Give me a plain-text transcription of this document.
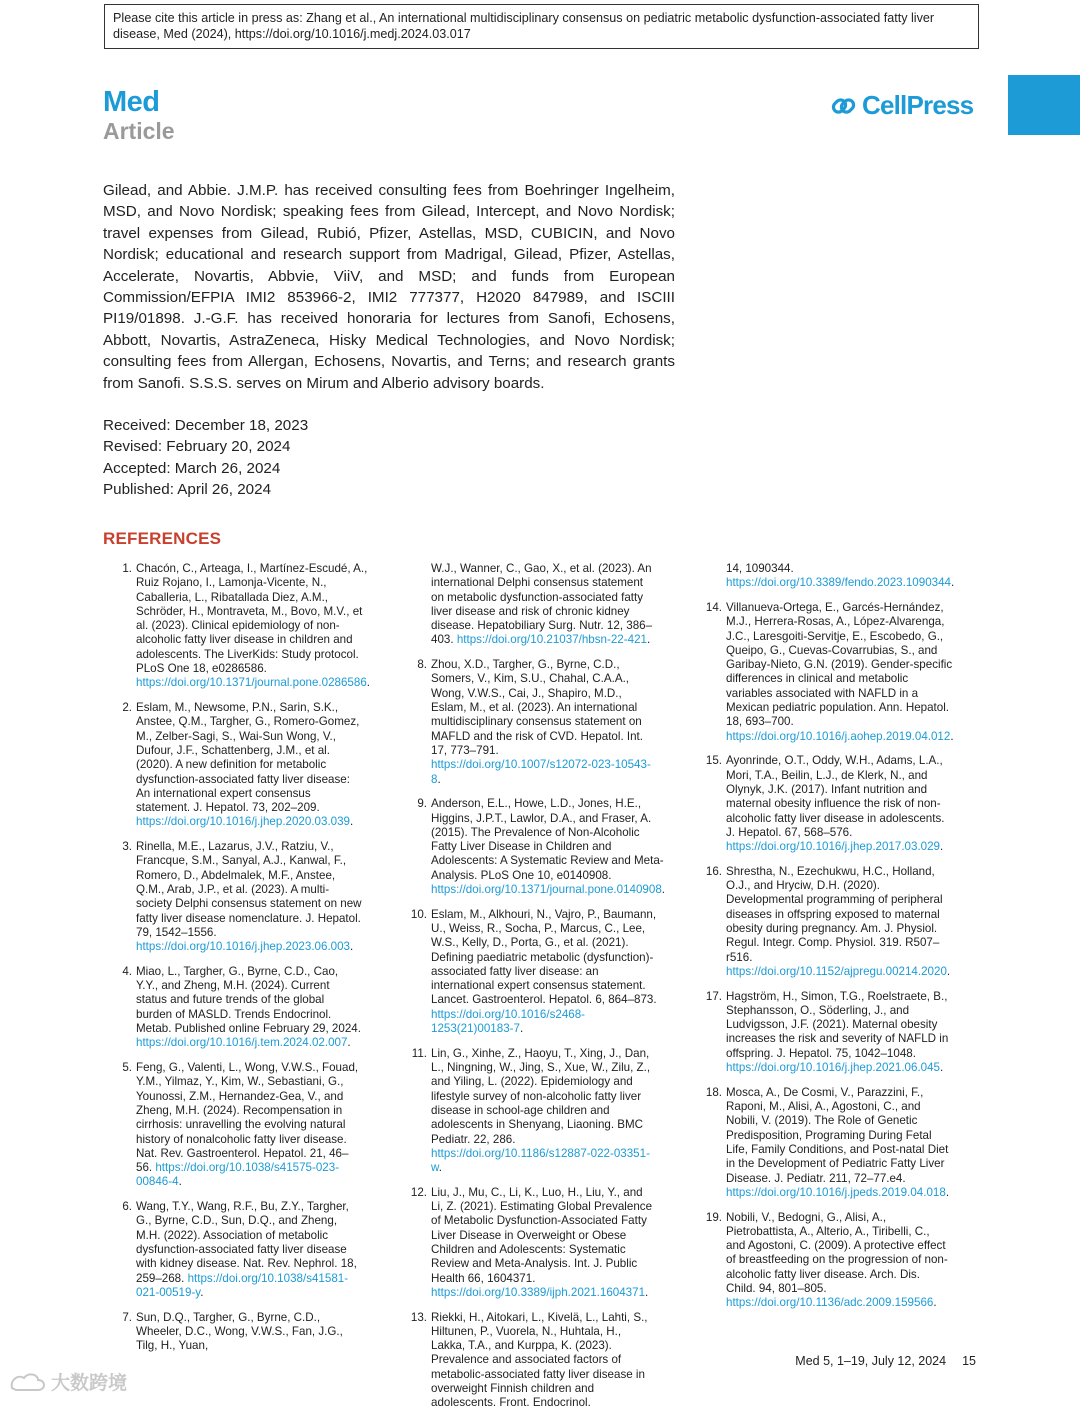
Please cite this article in press as: Zhang et al., An international multidisciplinary consensus on pediatric metabolic dysfunction-associated fatty liver disease, Med (2024), https://doi.org/10.1016/j.medj.2024.03.017
Med
Article
CellPress
Gilead, and Abbie. J.M.P. has received consulting fees from Boehringer Ingelheim, MSD, and Novo Nordisk; speaking fees from Gilead, Intercept, and Novo Nordisk; travel expenses from Gilead, Rubió, Pfizer, Astellas, MSD, CUBICIN, and Novo Nordisk; educational and research support from Madrigal, Gilead, Pfizer, Astellas, Accelerate, Novartis, Abbvie, ViiV, and MSD; and funds from European Commission/EFPIA IMI2 853966-2, IMI2 777377, H2020 847989, and ISCIII PI19/01898. J.-G.F. has received honoraria for lectures from Sanofi, Echosens, Abbott, Novartis, AstraZeneca, Hisky Medical Technologies, and Novo Nordisk; consulting fees from Allergan, Echosens, Novartis, and Terns; and research grants from Sanofi. S.S.S. serves on Mirum and Alberio advisory boards.
Received: December 18, 2023
Revised: February 20, 2024
Accepted: March 26, 2024
Published: April 26, 2024
REFERENCES
1. Chacón, C., Arteaga, I., Martínez-Escudé, A., Ruiz Rojano, I., Lamonja-Vicente, N., Caballeria, L., Ribatallada Diez, A.M., Schröder, H., Montraveta, M., Bovo, M.V., et al. (2023). Clinical epidemiology of non-alcoholic fatty liver disease in children and adolescents. The LiverKids: Study protocol. PLoS One 18, e0286586. https://doi.org/10.1371/journal.pone.0286586.
2. Eslam, M., Newsome, P.N., Sarin, S.K., Anstee, Q.M., Targher, G., Romero-Gomez, M., Zelber-Sagi, S., Wai-Sun Wong, V., Dufour, J.F., Schattenberg, J.M., et al. (2020). A new definition for metabolic dysfunction-associated fatty liver disease: An international expert consensus statement. J. Hepatol. 73, 202–209. https://doi.org/10.1016/j.jhep.2020.03.039.
3. Rinella, M.E., Lazarus, J.V., Ratziu, V., Francque, S.M., Sanyal, A.J., Kanwal, F., Romero, D., Abdelmalek, M.F., Anstee, Q.M., Arab, J.P., et al. (2023). A multi-society Delphi consensus statement on new fatty liver disease nomenclature. J. Hepatol. 79, 1542–1556. https://doi.org/10.1016/j.jhep.2023.06.003.
4. Miao, L., Targher, G., Byrne, C.D., Cao, Y.Y., and Zheng, M.H. (2024). Current status and future trends of the global burden of MASLD. Trends Endocrinol. Metab. Published online February 29, 2024. https://doi.org/10.1016/j.tem.2024.02.007.
5. Feng, G., Valenti, L., Wong, V.W.S., Fouad, Y.M., Yilmaz, Y., Kim, W., Sebastiani, G., Younossi, Z.M., Hernandez-Gea, V., and Zheng, M.H. (2024). Recompensation in cirrhosis: unravelling the evolving natural history of nonalcoholic fatty liver disease. Nat. Rev. Gastroenterol. Hepatol. 21, 46–56. https://doi.org/10.1038/s41575-023-00846-4.
6. Wang, T.Y., Wang, R.F., Bu, Z.Y., Targher, G., Byrne, C.D., Sun, D.Q., and Zheng, M.H. (2022). Association of metabolic dysfunction-associated fatty liver disease with kidney disease. Nat. Rev. Nephrol. 18, 259–268. https://doi.org/10.1038/s41581-021-00519-y.
7. Sun, D.Q., Targher, G., Byrne, C.D., Wheeler, D.C., Wong, V.W.S., Fan, J.G., Tilg, H., Yuan,
W.J., Wanner, C., Gao, X., et al. (2023). An international Delphi consensus statement on metabolic dysfunction-associated fatty liver disease and risk of chronic kidney disease. Hepatobiliary Surg. Nutr. 12, 386–403. https://doi.org/10.21037/hbsn-22-421.
8. Zhou, X.D., Targher, G., Byrne, C.D., Somers, V., Kim, S.U., Chahal, C.A.A., Wong, V.W.S., Cai, J., Shapiro, M.D., Eslam, M., et al. (2023). An international multidisciplinary consensus statement on MAFLD and the risk of CVD. Hepatol. Int. 17, 773–791. https://doi.org/10.1007/s12072-023-10543-8.
9. Anderson, E.L., Howe, L.D., Jones, H.E., Higgins, J.P.T., Lawlor, D.A., and Fraser, A. (2015). The Prevalence of Non-Alcoholic Fatty Liver Disease in Children and Adolescents: A Systematic Review and Meta-Analysis. PLoS One 10, e0140908. https://doi.org/10.1371/journal.pone.0140908.
10. Eslam, M., Alkhouri, N., Vajro, P., Baumann, U., Weiss, R., Socha, P., Marcus, C., Lee, W.S., Kelly, D., Porta, G., et al. (2021). Defining paediatric metabolic (dysfunction)-associated fatty liver disease: an international expert consensus statement. Lancet. Gastroenterol. Hepatol. 6, 864–873. https://doi.org/10.1016/s2468-1253(21)00183-7.
11. Lin, G., Xinhe, Z., Haoyu, T., Xing, J., Dan, L., Ningning, W., Jing, S., Xue, W., Zilu, Z., and Yiling, L. (2022). Epidemiology and lifestyle survey of non-alcoholic fatty liver disease in school-age children and adolescents in Shenyang, Liaoning. BMC Pediatr. 22, 286. https://doi.org/10.1186/s12887-022-03351-w.
12. Liu, J., Mu, C., Li, K., Luo, H., Liu, Y., and Li, Z. (2021). Estimating Global Prevalence of Metabolic Dysfunction-Associated Fatty Liver Disease in Overweight or Obese Children and Adolescents: Systematic Review and Meta-Analysis. Int. J. Public Health 66, 1604371. https://doi.org/10.3389/ijph.2021.1604371.
13. Riekki, H., Aitokari, L., Kivelä, L., Lahti, S., Hiltunen, P., Vuorela, N., Huhtala, H., Lakka, T.A., and Kurppa, K. (2023). Prevalence and associated factors of metabolic-associated fatty liver disease in overweight Finnish children and adolescents. Front. Endocrinol.
14, 1090344. https://doi.org/10.3389/fendo.2023.1090344.
14. Villanueva-Ortega, E., Garcés-Hernández, M.J., Herrera-Rosas, A., López-Alvarenga, J.C., Laresgoiti-Servitje, E., Escobedo, G., Queipo, G., Cuevas-Covarrubias, S., and Garibay-Nieto, G.N. (2019). Gender-specific differences in clinical and metabolic variables associated with NAFLD in a Mexican pediatric population. Ann. Hepatol. 18, 693–700. https://doi.org/10.1016/j.aohep.2019.04.012.
15. Ayonrinde, O.T., Oddy, W.H., Adams, L.A., Mori, T.A., Beilin, L.J., de Klerk, N., and Olynyk, J.K. (2017). Infant nutrition and maternal obesity influence the risk of non-alcoholic fatty liver disease in adolescents. J. Hepatol. 67, 568–576. https://doi.org/10.1016/j.jhep.2017.03.029.
16. Shrestha, N., Ezechukwu, H.C., Holland, O.J., and Hryciw, D.H. (2020). Developmental programming of peripheral diseases in offspring exposed to maternal obesity during pregnancy. Am. J. Physiol. Regul. Integr. Comp. Physiol. 319. R507–r516. https://doi.org/10.1152/ajpregu.00214.2020.
17. Hagström, H., Simon, T.G., Roelstraete, B., Stephansson, O., Söderling, J., and Ludvigsson, J.F. (2021). Maternal obesity increases the risk and severity of NAFLD in offspring. J. Hepatol. 75, 1042–1048. https://doi.org/10.1016/j.jhep.2021.06.045.
18. Mosca, A., De Cosmi, V., Parazzini, F., Raponi, M., Alisi, A., Agostoni, C., and Nobili, V. (2019). The Role of Genetic Predisposition, Programing During Fetal Life, Family Conditions, and Post-natal Diet in the Development of Pediatric Fatty Liver Disease. J. Pediatr. 211, 72–77.e4. https://doi.org/10.1016/j.jpeds.2019.04.018.
19. Nobili, V., Bedogni, G., Alisi, A., Pietrobattista, A., Alterio, A., Tiribelli, C., and Agostoni, C. (2009). A protective effect of breastfeeding on the progression of non-alcoholic fatty liver disease. Arch. Dis. Child. 94, 801–805. https://doi.org/10.1136/adc.2009.159566.
Med 5, 1–19, July 12, 2024 15
大数跨境
